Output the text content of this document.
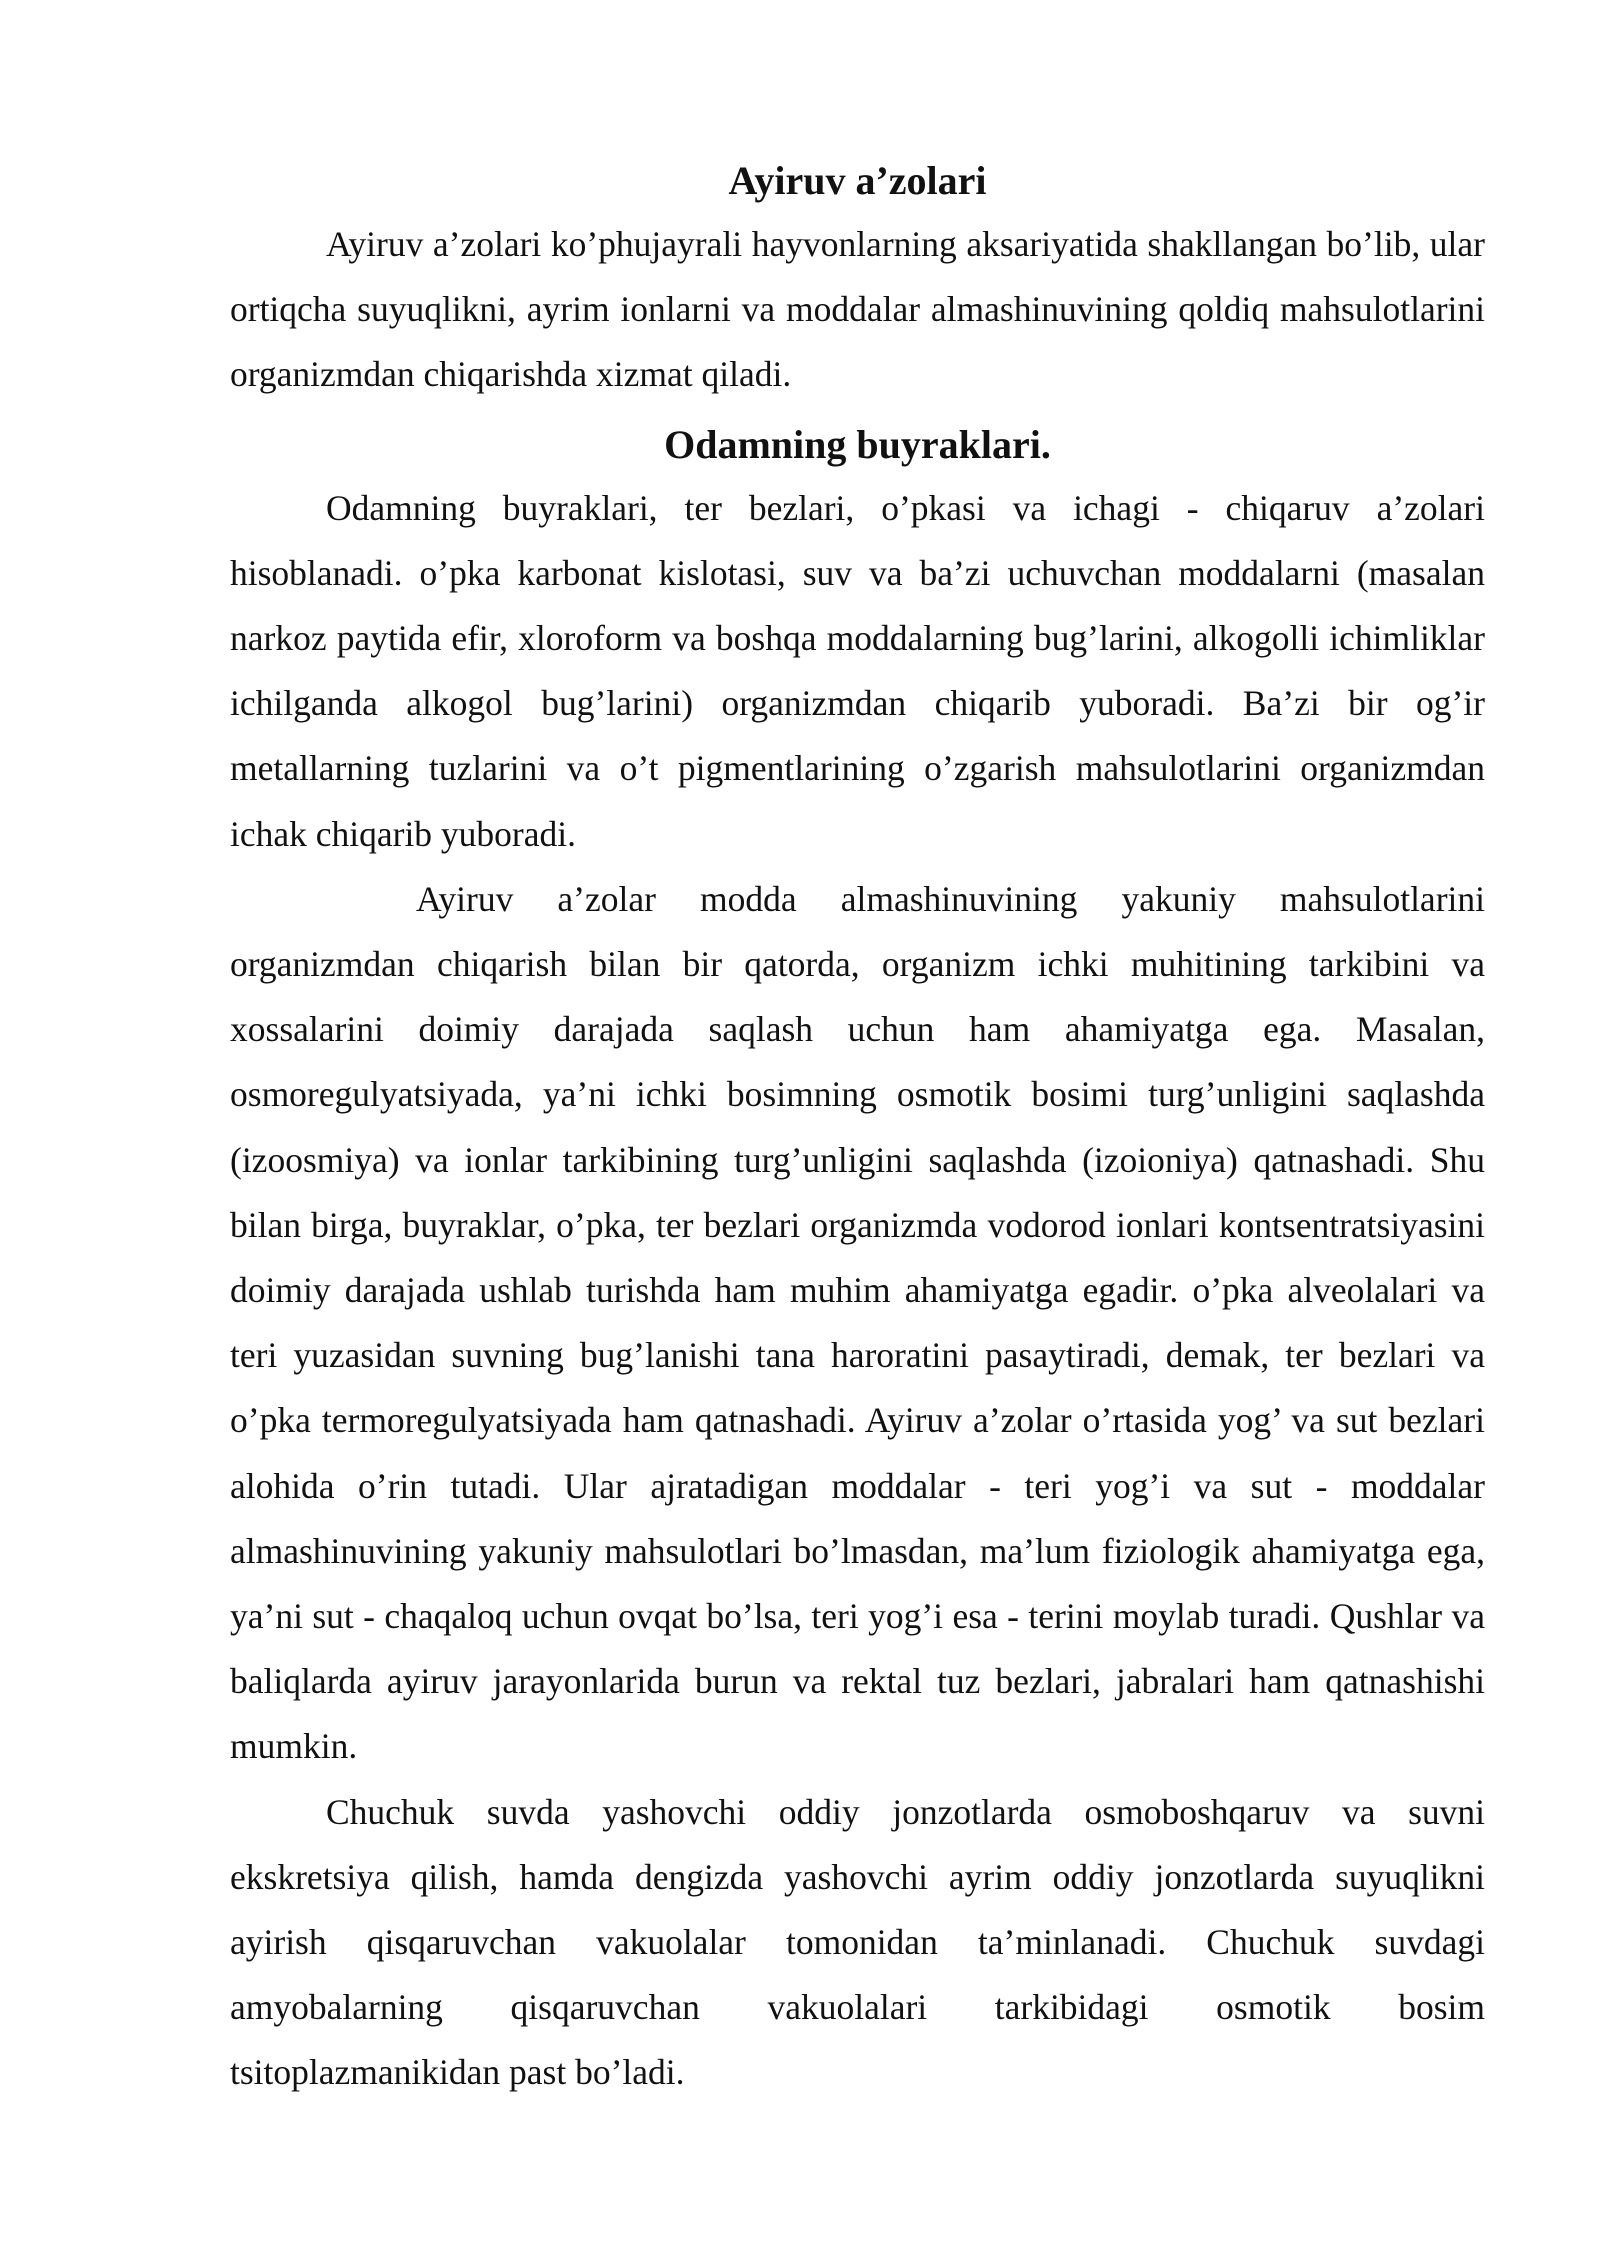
Ayiruv a’zolari

Ayiruv a’zolari ko’phujayrali hayvonlarning aksariyatida shakllangan bo’lib, ular ortiqcha suyuqlikni, ayrim ionlarni va moddalar almashinuvining qoldiq mahsulotlarini organizmdan chiqarishda xizmat qiladi.

Odamning buyraklari.

Odamning buyraklari, ter bezlari, o’pkasi va ichagi - chiqaruv a’zolari hisoblanadi. o’pka karbonat kislotasi, suv va ba’zi uchuvchan moddalarni (masalan narkoz paytida efir, xloroform va boshqa moddalarning bug’larini, alkogolli ichimliklar ichilganda alkogol bug’larini) organizmdan chiqarib yuboradi. Ba’zi bir og’ir metallarning tuzlarini va o’t pigmentlarining o’zgarish mahsulotlarini organizmdan ichak chiqarib yuboradi.

Ayiruv a’zolar modda almashinuvining yakuniy mahsulotlarini organizmdan chiqarish bilan bir qatorda, organizm ichki muhitining tarkibini va xossalarini doimiy darajada saqlash uchun ham ahamiyatga ega. Masalan, osmoregulyatsiyada, ya’ni ichki bosimning osmotik bosimi turg’unligini saqlashda (izoosmiya) va ionlar tarkibining turg’unligini saqlashda (izoioniya) qatnashadi. Shu bilan birga, buyraklar, o’pka, ter bezlari organizmda vodorod ionlari kontsentratsiyasini doimiy darajada ushlab turishda ham muhim ahamiyatga egadir. o’pka alveolalari va teri yuzasidan suvning bug’lanishi tana haroratini pasaytiradi, demak, ter bezlari va o’pka termoregulyatsiyada ham qatnashadi. Ayiruv a’zolar o’rtasida yog’ va sut bezlari alohida o’rin tutadi. Ular ajratadigan moddalar - teri yog’i va sut - moddalar almashinuvining yakuniy mahsulotlari bo’lmasdan, ma’lum fiziologik ahamiyatga ega, ya’ni sut - chaqaloq uchun ovqat bo’lsa, teri yog’i esa - terini moylab turadi. Qushlar va baliqlarda ayiruv jarayonlarida burun va rektal tuz bezlari, jabralari ham qatnashishi mumkin.

Chuchuk suvda yashovchi oddiy jonzotlarda osmoboshqaruv va suvni ekskretsiya qilish, hamda dengizda yashovchi ayrim oddiy jonzotlarda suyuqlikni ayirish qisqaruvchan vakuolalar tomonidan ta’minlanadi. Chuchuk suvdagi amyobalarning qisqaruvchan vakuolalari tarkibidagi osmotik bosim

tsitoplazmanikidan past bo’ladi.
